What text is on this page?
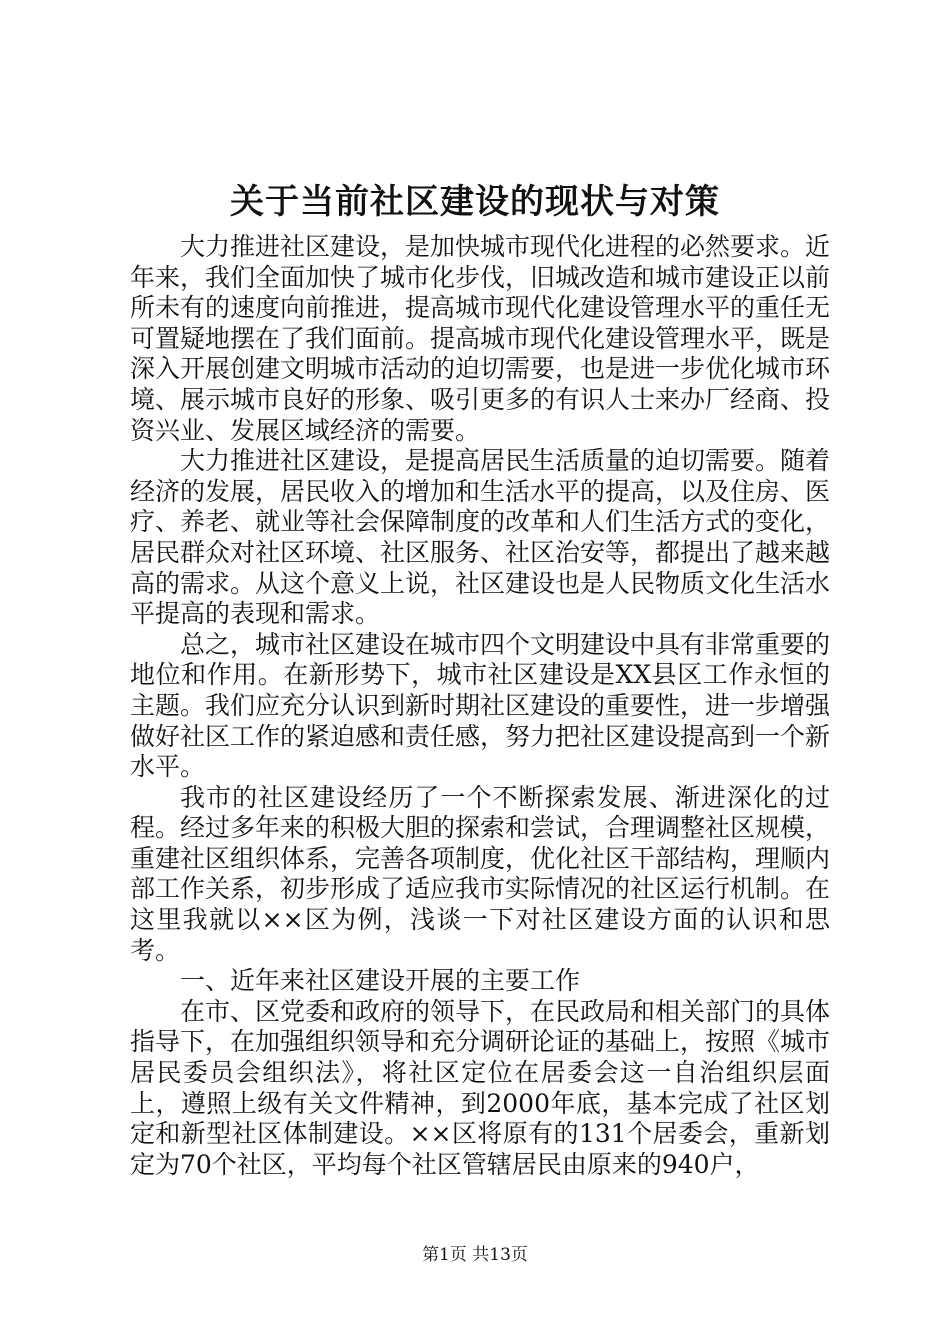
关于当前社区建设的现状与对策

大力推进社区建设，是加快城市现代化进程的必然要求。近年来，我们全面加快了城市化步伐，旧城改造和城市建设正以前所未有的速度向前推进，提高城市现代化建设管理水平的重任无可置疑地摆在了我们面前。提高城市现代化建设管理水平，既是深入开展创建文明城市活动的迫切需要，也是进一步优化城市环境、展示城市良好的形象、吸引更多的有识人士来办厂经商、投资兴业、发展区域经济的需要。

大力推进社区建设，是提高居民生活质量的迫切需要。随着经济的发展，居民收入的增加和生活水平的提高，以及住房、医疗、养老、就业等社会保障制度的改革和人们生活方式的变化，居民群众对社区环境、社区服务、社区治安等，都提出了越来越高的需求。从这个意义上说，社区建设也是人民物质文化生活水平提高的表现和需求。

总之，城市社区建设在城市四个文明建设中具有非常重要的地位和作用。在新形势下，城市社区建设是XX县区工作永恒的主题。我们应充分认识到新时期社区建设的重要性，进一步增强做好社区工作的紧迫感和责任感，努力把社区建设提高到一个新水平。

我市的社区建设经历了一个不断探索发展、渐进深化的过程。经过多年来的积极大胆的探索和尝试，合理调整社区规模，重建社区组织体系，完善各项制度，优化社区干部结构，理顺内部工作关系，初步形成了适应我市实际情况的社区运行机制。在这里我就以××区为例，浅谈一下对社区建设方面的认识和思考。

一、近年来社区建设开展的主要工作

在市、区党委和政府的领导下，在民政局和相关部门的具体指导下，在加强组织领导和充分调研论证的基础上，按照《城市居民委员会组织法》，将社区定位在居委会这一自治组织层面上，遵照上级有关文件精神，到2000年底，基本完成了社区划定和新型社区体制建设。××区将原有的131个居委会，重新划定为70个社区，平均每个社区管辖居民由原来的940户，

第1页 共13页
